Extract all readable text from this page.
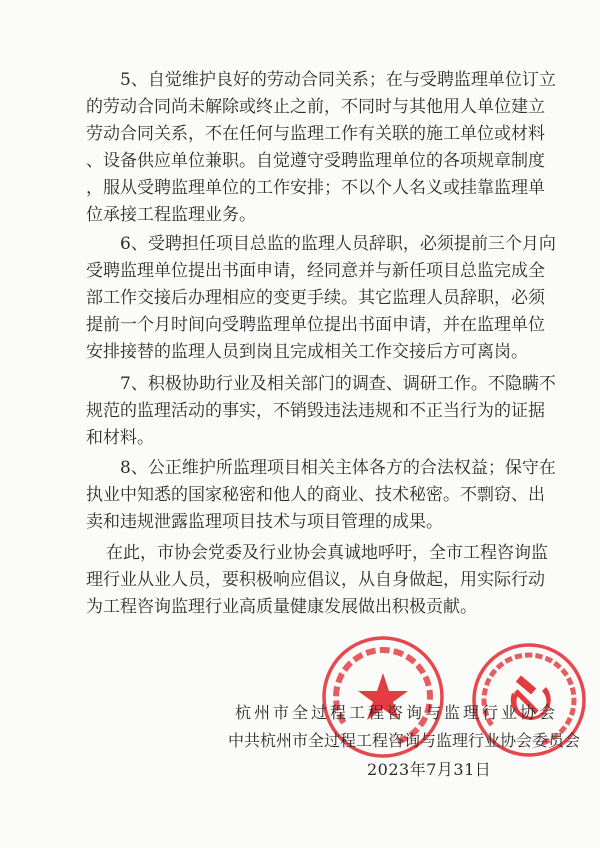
5、自觉维护良好的劳动合同关系；在与受聘监理单位订立
的劳动合同尚未解除或终止之前，不同时与其他用人单位建立
劳动合同关系，不在任何与监理工作有关联的施工单位或材料
、设备供应单位兼职。自觉遵守受聘监理单位的各项规章制度
，服从受聘监理单位的工作安排；不以个人名义或挂靠监理单
位承接工程监理业务。
6、受聘担任项目总监的监理人员辞职，必须提前三个月向
受聘监理单位提出书面申请，经同意并与新任项目总监完成全
部工作交接后办理相应的变更手续。其它监理人员辞职，必须
提前一个月时间向受聘监理单位提出书面申请，并在监理单位
安排接替的监理人员到岗且完成相关工作交接后方可离岗。
7、积极协助行业及相关部门的调查、调研工作。不隐瞒不
规范的监理活动的事实，不销毁违法违规和不正当行为的证据
和材料。
8、公正维护所监理项目相关主体各方的合法权益；保守在
执业中知悉的国家秘密和他人的商业、技术秘密。不剽窃、出
卖和违规泄露监理项目技术与项目管理的成果。
在此，市协会党委及行业协会真诚地呼吁，全市工程咨询监
理行业从业人员，要积极响应倡议，从自身做起，用实际行动
为工程咨询监理行业高质量健康发展做出积极贡献。
杭州市全过程工程咨询与监理行业协会
中共杭州市全过程工程咨询与监理行业协会委员会
2023年7月31日
